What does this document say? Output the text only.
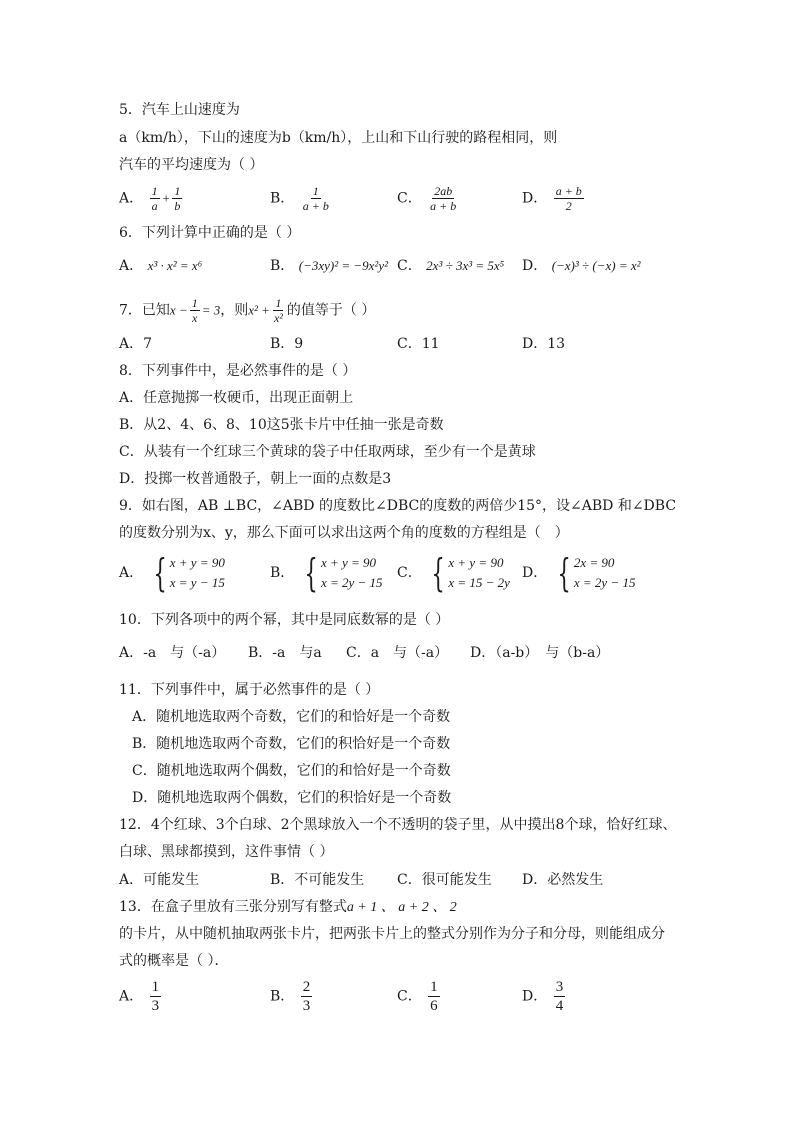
5．汽车上山速度为
a（km/h），下山的速度为b（km/h），上山和下山行驶的路程相同，则
汽车的平均速度为（ ）
A． $\frac{1}{a} + \frac{1}{b}$	B． $\frac{1}{a + b}$	C． $\frac{2ab}{a + b}$	D． $\frac{a + b}{2}$
6．下列计算中正确的是（ ）
A． x³ · x² = x⁶	B． (−3xy)² = −9x²y² C． 2x³ ÷ 3x³ = 5x⁵ D． (−x)³ ÷ (−x) = x²
7．已知$x - \frac{1}{x} = 3$，则$x^2 + \frac{1}{\text{x²}}$ 的值等于（ ）
A．7	B．9	C．11	D．13
8．下列事件中，是必然事件的是（ ）
A．任意抛掷一枚硬币，出现正面朝上
B．从2、4、6、8、10这5张卡片中任抽一张是奇数
C．从装有一个红球三个黄球的袋子中任取两球，至少有一个是黄球
D．投掷一枚普通骰子，朝上一面的点数是3
9．如右图，AB ⊥BC，∠ABD 的度数比∠DBC的度数的两倍少15°，设∠ABD 和∠DBC
的度数分别为x、y，那么下面可以求出这两个角的度数的方程组是（　）
A． { x + y = 90
x = y − 15
B． { x + y = 90
x = 2y − 15
C． { x + y = 90
x = 15 − 2y
D． { 2x = 90
x = 2y − 15
10．下列各项中的两个幂，其中是同底数幂的是（ ）
A．-a　与（-a） B．-a　与a C．a　与（-a） D．（a-b）　与（b-a）
11．下列事件中，属于必然事件的是（ ）
A．随机地选取两个奇数，它们的和恰好是一个奇数
B．随机地选取两个奇数，它们的积恰好是一个奇数
C．随机地选取两个偶数，它们的和恰好是一个奇数
D．随机地选取两个偶数，它们的积恰好是一个奇数
12．4个红球、3个白球、2个黑球放入一个不透明的袋子里，从中摸出8个球，恰好红球、
白球、黑球都摸到，这件事情（ ）
A．可能发生	B．不可能发生 C．很可能发生 D．必然发生
13．在盒子里放有三张分别写有整式a + 1 、 a + 2 、 2
的卡片，从中随机抽取两张卡片，把两张卡片上的整式分别作为分子和分母，则能组成分
式的概率是（ ）．
A． $\frac{1}{3}$	B． $\frac{2}{3}$	C． $\frac{1}{6}$	D． $\frac{3}{4}$
